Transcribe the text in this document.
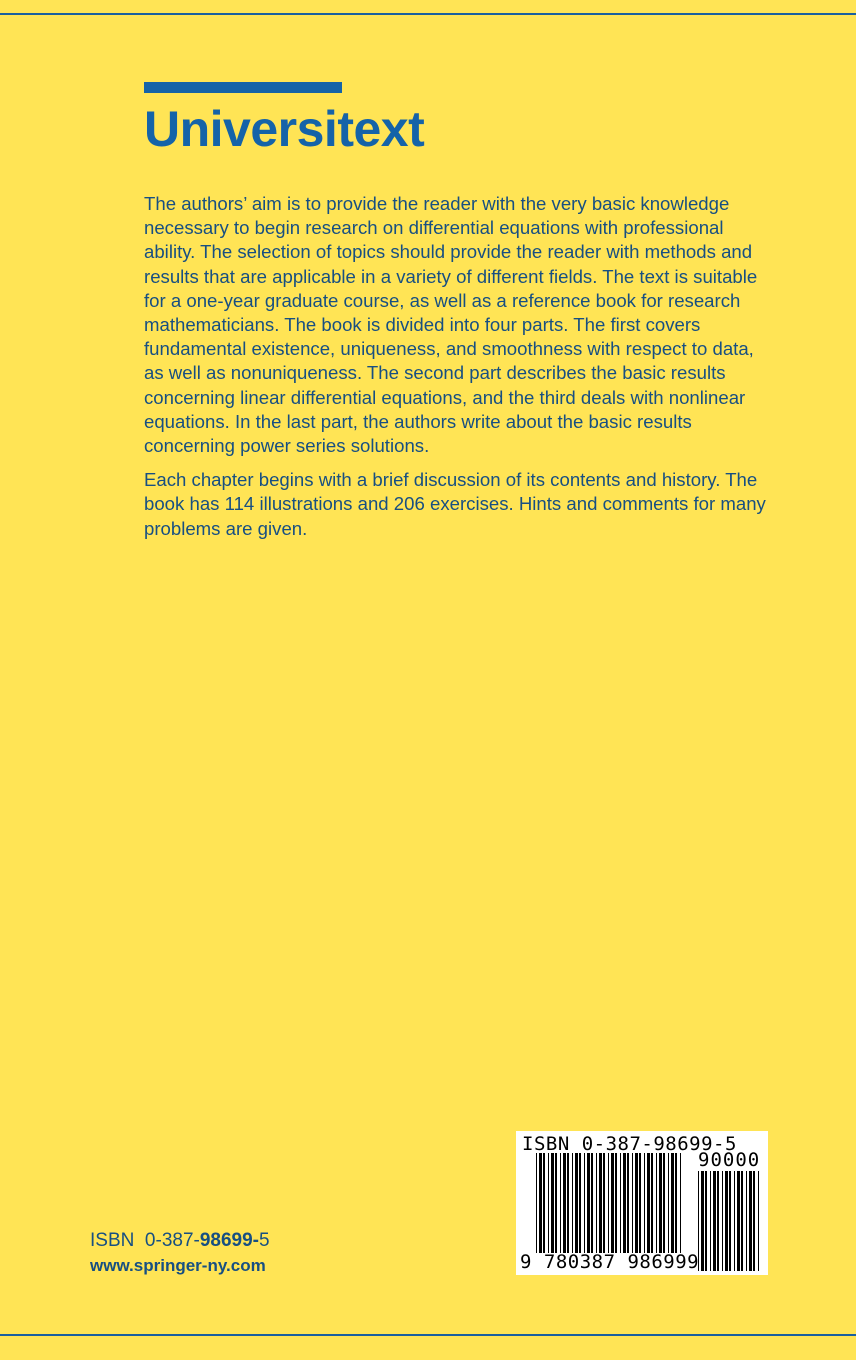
Universitext

The authors’ aim is to provide the reader with the very basic knowledge necessary to begin research on differential equations with professional ability. The selection of topics should provide the reader with methods and results that are applicable in a variety of different fields. The text is suitable for a one-year graduate course, as well as a reference book for research mathematicians. The book is divided into four parts. The first covers fundamental existence, uniqueness, and smoothness with respect to data, as well as nonuniqueness. The second part describes the basic results concerning linear differential equations, and the third deals with nonlinear equations. In the last part, the authors write about the basic results concerning power series solutions.

Each chapter begins with a brief discussion of its contents and history. The book has 114 illustrations and 206 exercises. Hints and comments for many problems are given.

ISBN 0-387-98699-5
90000
9 780387 986999
ISBN 0-387-98699-5
www.springer-ny.com
